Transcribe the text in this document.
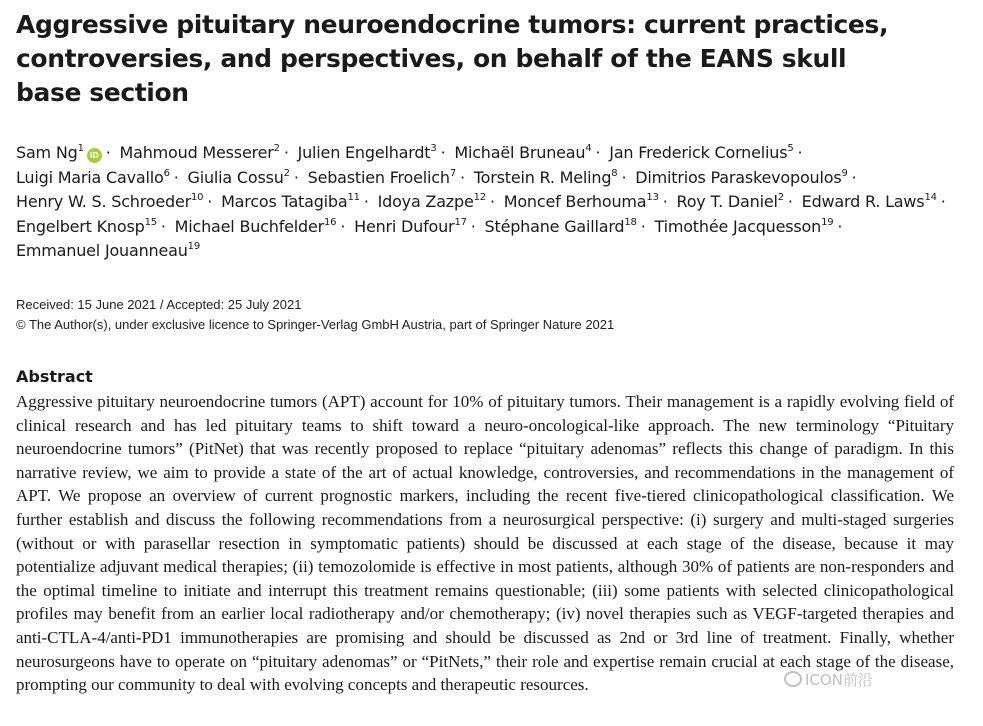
Aggressive pituitary neuroendocrine tumors: current practices, controversies, and perspectives, on behalf of the EANS skull base section
Sam $Ng^1iD$ · Mahmoud Messerer$^2$ · Julien Engelhardt$^3$ · Michaël Bruneau$^4$ · Jan Frederick Cornelius$^5$ · Luigi Maria Cavallo$^6$ · Giulia Cossu$^2$ · Sebastien Froelich$^7$ · Torstein R. Meling$^8$ · Dimitrios Paraskevopoulos$^9$ · Henry W. S. Schroeder$^{10}$ · Marcos Tatagiba$^{11}$ · Idoya Zazpe$^{12}$ · Moncef Berhouma$^{13}$ · Roy T. Daniel$^2$ · Edward R. Laws$^{14}$ · Engelbert Knosp$^{15}$ · Michael Buchfelder$^{16}$ · Henri Dufour$^{17}$ · Stéphane Gaillard$^{18}$ · Timothée Jacquesson$^{19}$ · Emmanuel Jouanneau$^{19}$
Received: 15 June 2021 / Accepted: 25 July 2021
© The Author(s), under exclusive licence to Springer-Verlag GmbH Austria, part of Springer Nature 2021
Abstract

Aggressive pituitary neuroendocrine tumors (APT) account for 10% of pituitary tumors. Their management is a rapidly evolving field of clinical research and has led pituitary teams to shift toward a neuro-oncological-like approach. The new terminology “Pituitary neuroendocrine tumors” (PitNet) that was recently proposed to replace “pituitary adenomas” reflects this change of paradigm. In this narrative review, we aim to provide a state of the art of actual knowledge, controversies, and recommendations in the management of APT. We propose an overview of current prognostic markers, including the recent five-tiered clinicopathological classification. We further establish and discuss the following recommendations from a neurosurgical perspective: (i) surgery and multi-staged surgeries (without or with parasellar resection in symptomatic patients) should be discussed at each stage of the disease, because it may potentialize adjuvant medical therapies; (ii) temozolomide is effective in most patients, although 30% of patients are non-responders and the optimal timeline to initiate and interrupt this treatment remains questionable; (iii) some patients with selected clinicopathological profiles may benefit from an earlier local radiotherapy and/or chemotherapy; (iv) novel therapies such as VEGF-targeted therapies and anti-CTLA-4/anti-PD1 immunotherapies are promising and should be discussed as 2nd or 3rd line of treatment. Finally, whether neurosurgeons have to operate on “pituitary adenomas” or “PitNets,” their role and expertise remain crucial at each stage of the disease, prompting our community to deal with evolving concepts and therapeutic resources.	ICON前沿
